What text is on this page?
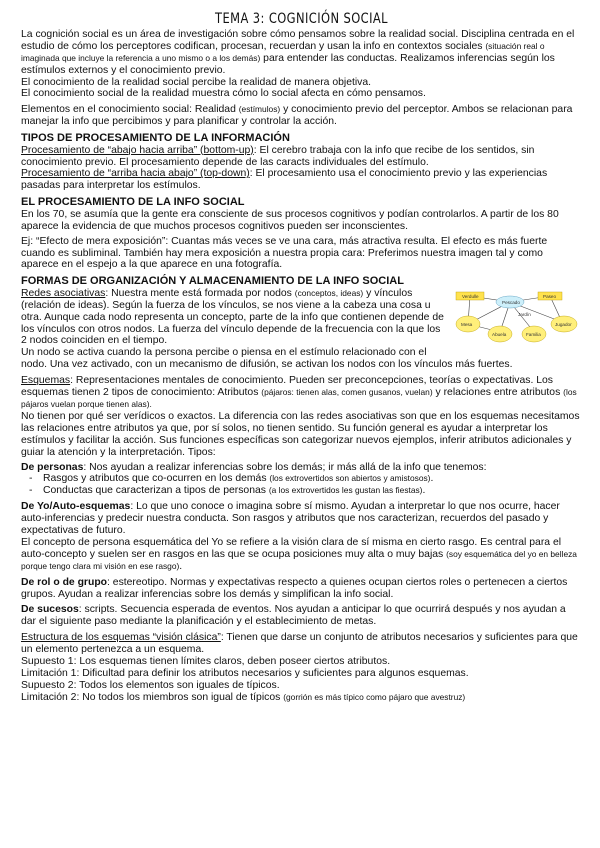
TEMA 3: COGNICIÓN SOCIAL

La cognición social es un área de investigación sobre cómo pensamos sobre la realidad social. Disciplina centrada en el estudio de cómo los perceptores codifican, procesan, recuerdan y usan la info en contextos sociales (situación real o imaginada que incluye la referencia a uno mismo o a los demás) para entender las conductas. Realizamos inferencias según los estímulos externos y el conocimiento previo.

El conocimiento de la realidad social percibe la realidad de manera objetiva.

El conocimiento social de la realidad muestra cómo lo social afecta en cómo pensamos.

Elementos en el conocimiento social: Realidad (estímulos) y conocimiento previo del perceptor. Ambos se relacionan para manejar la info que percibimos y para planificar y controlar la acción.

TIPOS DE PROCESAMIENTO DE LA INFORMACIÓN

Procesamiento de “abajo hacia arriba” (bottom-up): El cerebro trabaja con la info que recibe de los sentidos, sin conocimiento previo. El procesamiento depende de las caracts individuales del estímulo.

Procesamiento de “arriba hacia abajo” (top-down): El procesamiento usa el conocimiento previo y las experiencias pasadas para interpretar los estímulos.

EL PROCESAMIENTO DE LA INFO SOCIAL

En los 70, se asumía que la gente era consciente de sus procesos cognitivos y podían controlarlos. A partir de los 80 aparece la evidencia de que muchos procesos cognitivos pueden ser inconscientes.

Ej: “Efecto de mera exposición”: Cuantas más veces se ve una cara, más atractiva resulta. El efecto es más fuerte cuando es subliminal. También hay mera exposición a nuestra propia cara: Preferimos nuestra imagen tal y como aparece en el espejo a la que aparece en una fotografía.

FORMAS DE ORGANIZACIÓN Y ALMACENAMIENTO DE LA INFO SOCIAL
Verdulle
Pescado
Mesa
Abuela	Familia
Jardín
Paseo
Jugador

Redes asociativas: Nuestra mente está formada por nodos (conceptos, ideas) y vínculos (relación de ideas). Según la fuerza de los vínculos, se nos viene a la cabeza una cosa u otra. Aunque cada nodo representa un concepto, parte de la info que contienen depende de los vínculos con otros nodos. La fuerza del vínculo depende de la frecuencia con la que los 2 nodos coinciden en el tiempo.

Un nodo se activa cuando la persona percibe o piensa en el estímulo relacionado con el nodo. Una vez activado, con un mecanismo de difusión, se activan los nodos con los vínculos más fuertes.

Esquemas: Representaciones mentales de conocimiento. Pueden ser preconcepciones, teorías o expectativas. Los esquemas tienen 2 tipos de conocimiento: Atributos (pájaros: tienen alas, comen gusanos, vuelan) y relaciones entre atributos (los pájaros vuelan porque tienen alas).

No tienen por qué ser verídicos o exactos. La diferencia con las redes asociativas son que en los esquemas necesitamos las relaciones entre atributos ya que, por sí solos, no tienen sentido. Su función general es ayudar a interpretar los estímulos y facilitar la acción. Sus funciones específicas son categorizar nuevos ejemplos, inferir atributos adicionales y guiar la atención y la interpretación. Tipos:

De personas: Nos ayudan a realizar inferencias sobre los demás; ir más allá de la info que tenemos:

- Rasgos y atributos que co-ocurren en los demás (los extrovertidos son abiertos y amistosos).
- Conductas que caracterizan a tipos de personas (a los extrovertidos les gustan las fiestas).

De Yo/Auto-esquemas: Lo que uno conoce o imagina sobre sí mismo. Ayudan a interpretar lo que nos ocurre, hacer auto-inferencias y predecir nuestra conducta. Son rasgos y atributos que nos caracterizan, recuerdos del pasado y expectativas de futuro.

El concepto de persona esquemática del Yo se refiere a la visión clara de sí misma en cierto rasgo. Es central para el auto-concepto y suelen ser en rasgos en las que se ocupa posiciones muy alta o muy bajas (soy esquemática del yo en belleza porque tengo clara mi visión en ese rasgo).

De rol o de grupo: estereotipo. Normas y expectativas respecto a quienes ocupan ciertos roles o pertenecen a ciertos grupos. Ayudan a realizar inferencias sobre los demás y simplifican la info social.

De sucesos: scripts. Secuencia esperada de eventos. Nos ayudan a anticipar lo que ocurrirá después y nos ayudan a dar el siguiente paso mediante la planificación y el establecimiento de metas.

Estructura de los esquemas “visión clásica”: Tienen que darse un conjunto de atributos necesarios y suficientes para que un elemento pertenezca a un esquema.

Supuesto 1: Los esquemas tienen límites claros, deben poseer ciertos atributos.

Limitación 1: Dificultad para definir los atributos necesarios y suficientes para algunos esquemas.

Supuesto 2: Todos los elementos son iguales de típicos.

Limitación 2: No todos los miembros son igual de típicos (gorrión es más típico como pájaro que avestruz)
